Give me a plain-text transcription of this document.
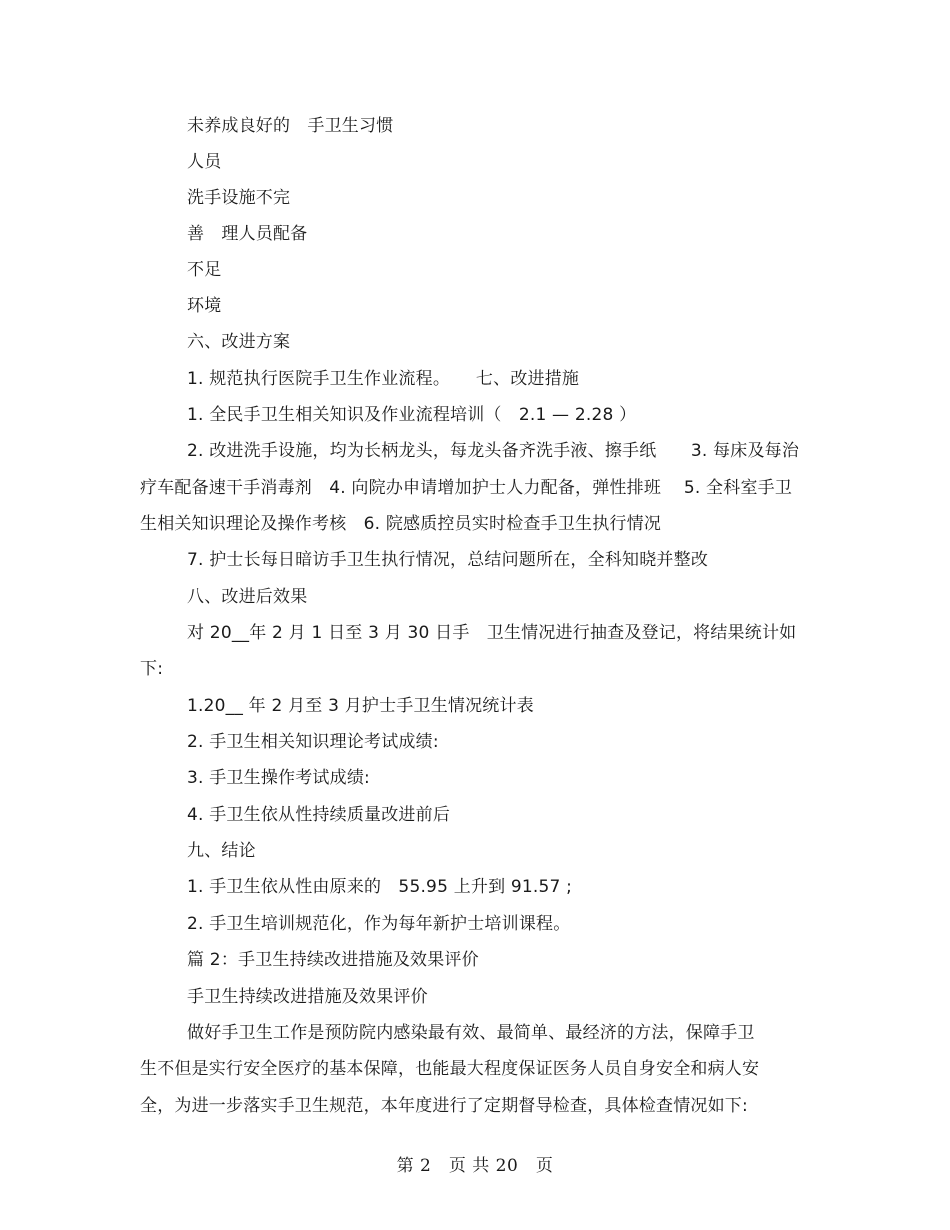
未养成良好的　手卫生习惯
人员
洗手设施不完
善　理人员配备
不足
环境
六、改进方案
1. 规范执行医院手卫生作业流程。　　七、改进措施
1. 全民手卫生相关知识及作业流程培训（　2.1 — 2.28 ）
2. 改进洗手设施，均为长柄龙头，每龙头备齐洗手液、擦手纸　　3. 每床及每治
疗车配备速干手消毒剂　4. 向院办申请增加护士人力配备，弹性排班　 5. 全科室手卫
生相关知识理论及操作考核　6. 院感质控员实时检查手卫生执行情况
7. 护士长每日暗访手卫生执行情况，总结问题所在，全科知晓并整改
八、改进后效果
对 20__年 2 月 1 日至 3 月 30 日手　卫生情况进行抽查及登记，将结果统计如
下:
1.20__ 年 2 月至 3 月护士手卫生情况统计表
2. 手卫生相关知识理论考试成绩:
3. 手卫生操作考试成绩:
4. 手卫生依从性持续质量改进前后
九、结论
1. 手卫生依从性由原来的　55.95 上升到 91.57 ;
2. 手卫生培训规范化，作为每年新护士培训课程。
篇 2：手卫生持续改进措施及效果评价
手卫生持续改进措施及效果评价
做好手卫生工作是预防院内感染最有效、最简单、最经济的方法，保障手卫
生不但是实行安全医疗的基本保障，也能最大程度保证医务人员自身安全和病人安
全，为进一步落实手卫生规范，本年度进行了定期督导检查，具体检查情况如下:
第 2　页 共 20　页
